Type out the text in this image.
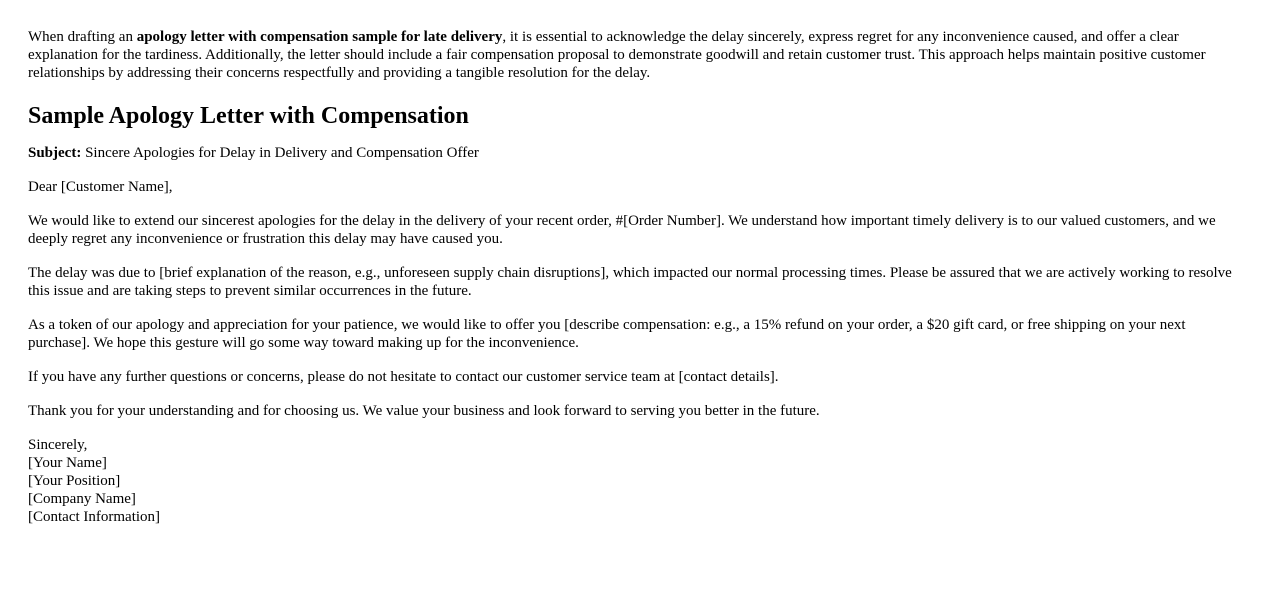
When drafting an apology letter with compensation sample for late delivery, it is essential to acknowledge the delay sincerely, express regret for any inconvenience caused, and offer a clear explanation for the tardiness. Additionally, the letter should include a fair compensation proposal to demonstrate goodwill and retain customer trust. This approach helps maintain positive customer relationships by addressing their concerns respectfully and providing a tangible resolution for the delay.

Sample Apology Letter with Compensation

Subject: Sincere Apologies for Delay in Delivery and Compensation Offer

Dear [Customer Name],

We would like to extend our sincerest apologies for the delay in the delivery of your recent order, #[Order Number]. We understand how important timely delivery is to our valued customers, and we deeply regret any inconvenience or frustration this delay may have caused you.

The delay was due to [brief explanation of the reason, e.g., unforeseen supply chain disruptions], which impacted our normal processing times. Please be assured that we are actively working to resolve this issue and are taking steps to prevent similar occurrences in the future.

As a token of our apology and appreciation for your patience, we would like to offer you [describe compensation: e.g., a 15% refund on your order, a $20 gift card, or free shipping on your next purchase]. We hope this gesture will go some way toward making up for the inconvenience.

If you have any further questions or concerns, please do not hesitate to contact our customer service team at [contact details].

Thank you for your understanding and for choosing us. We value your business and look forward to serving you better in the future.

Sincerely,
[Your Name]
[Your Position]
[Company Name]
[Contact Information]
